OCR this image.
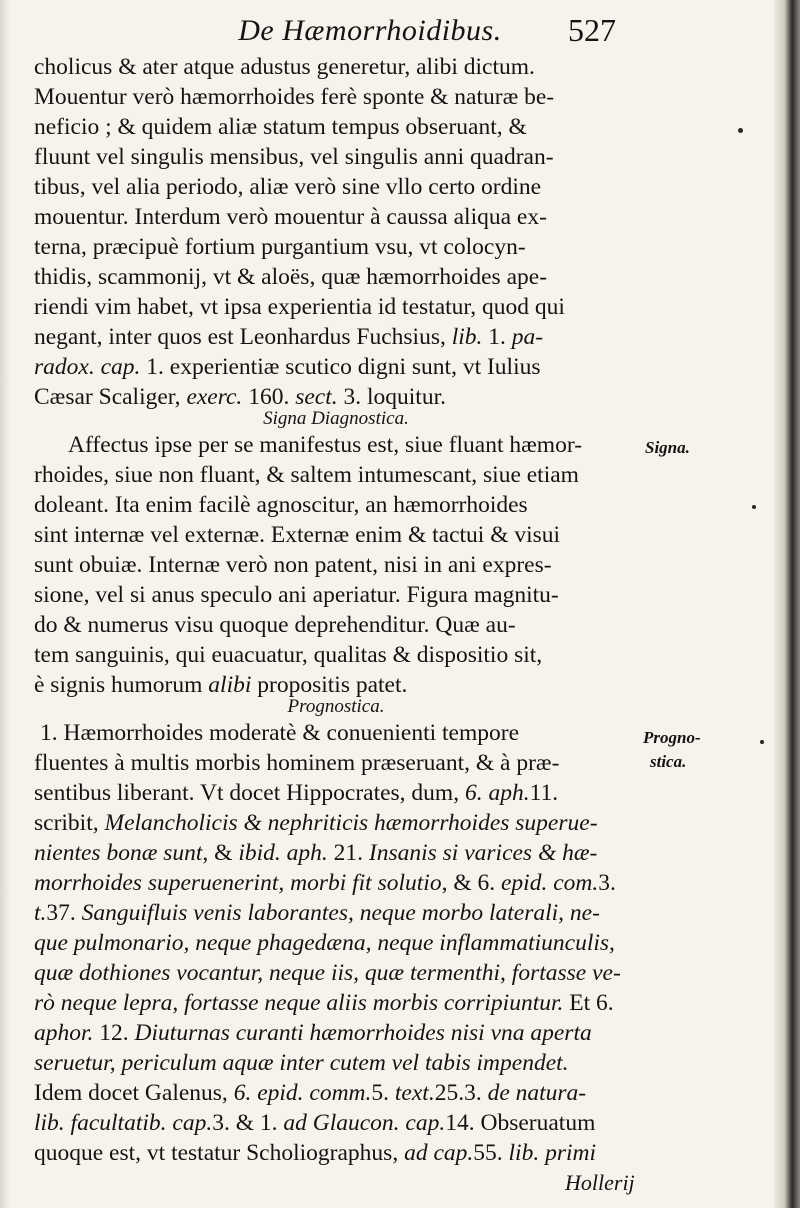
De Hæmorrhoidibus.	527
cholicus & ater atque adustus generetur, alibi dictum.
Mouentur verò hæmorrhoides ferè sponte & naturæ be-
neficio ; & quidem aliæ statum tempus obseruant, &
fluunt vel singulis mensibus, vel singulis anni quadran-
tibus, vel alia periodo, aliæ verò sine vllo certo ordine
mouentur. Interdum verò mouentur à caussa aliqua ex-
terna, præcipuè fortium purgantium vsu, vt colocyn-
thidis, scammonij, vt & aloës, quæ hæmorrhoides ape-
riendi vim habet, vt ipsa experientia id testatur, quod qui
negant, inter quos est Leonhardus Fuchsius, lib. 1. pa-
radox. cap. 1. experientiæ scutico digni sunt, vt Iulius
Cæsar Scaliger, exerc. 160. sect. 3. loquitur.
Signa Diagnostica.
Affectus ipse per se manifestus est, siue fluant hæmor-
rhoides, siue non fluant, & saltem intumescant, siue etiam
doleant. Ita enim facilè agnoscitur, an hæmorrhoides
sint internæ vel externæ. Externæ enim & tactui & visui
sunt obuiæ. Internæ verò non patent, nisi in ani expres-
sione, vel si anus speculo ani aperiatur. Figura magnitu-
do & numerus visu quoque deprehenditur. Quæ au-
tem sanguinis, qui euacuatur, qualitas & dispositio sit,
è signis humorum alibi propositis patet.
Prognostica.
1. Hæmorrhoides moderatè & conuenienti tempore
fluentes à multis morbis hominem præseruant, & à præ-
sentibus liberant. Vt docet Hippocrates, dum, 6. aph.11.
scribit, Melancholicis & nephriticis hæmorrhoides superue-
nientes bonæ sunt, & ibid. aph. 21. Insanis si varices & hæ-
morrhoides superuenerint, morbi fit solutio, & 6. epid. com.3.
t.37. Sanguifluis venis laborantes, neque morbo laterali, ne-
que pulmonario, neque phagedæna, neque inflammatiunculis,
quæ dothiones vocantur, neque iis, quæ termenthi, fortasse ve-
rò neque lepra, fortasse neque aliis morbis corripiuntur. Et 6.
aphor. 12. Diuturnas curanti hæmorrhoides nisi vna aperta
seruetur, periculum aquæ inter cutem vel tabis impendet.
Idem docet Galenus, 6. epid. comm.5. text.25.3. de natura-
lib. facultatib. cap.3. & 1. ad Glaucon. cap.14. Obseruatum
quoque est, vt testatur Scholiographus, ad cap.55. lib. primi
Hollerij
Signa.
Progno-
stica.
